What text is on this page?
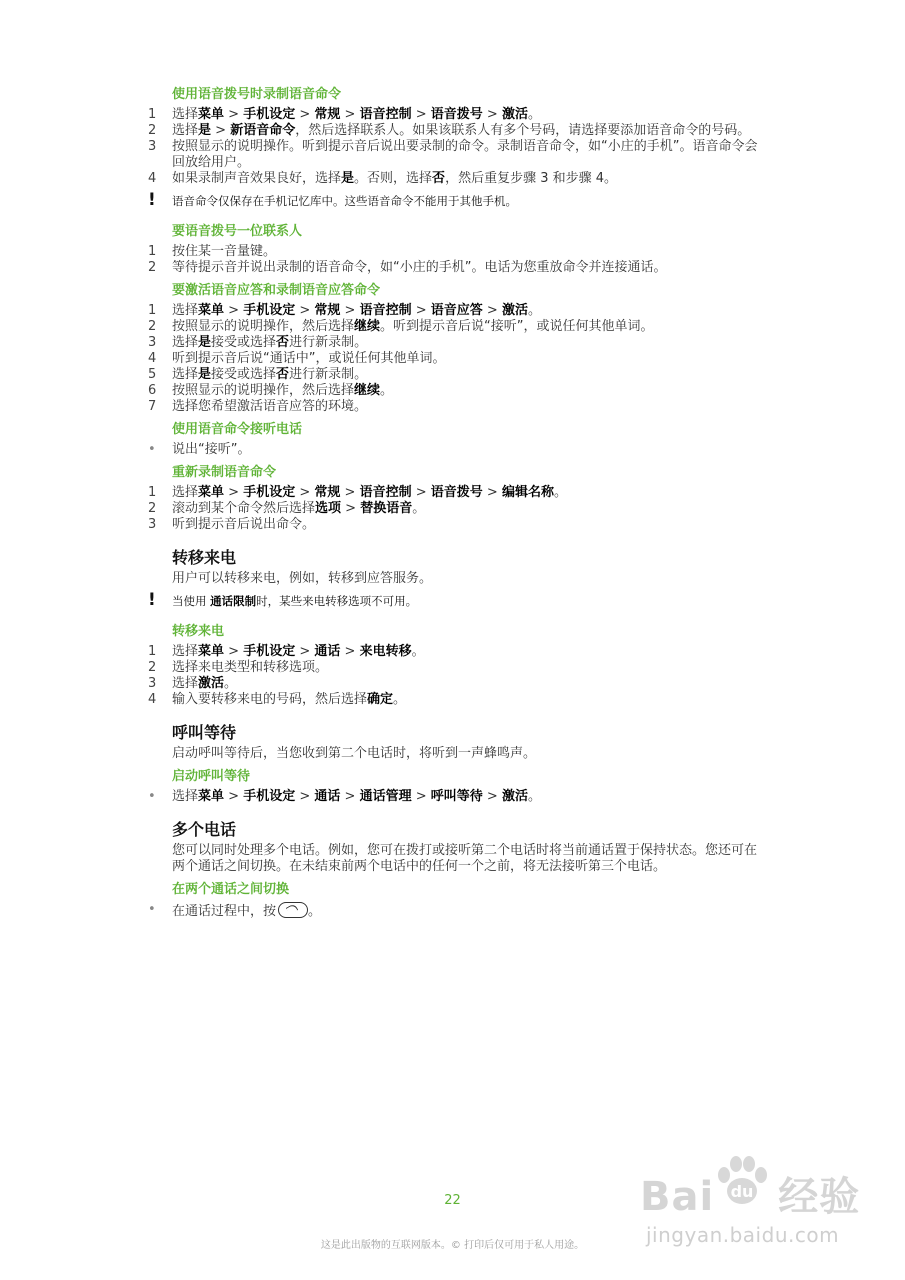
使用语音拨号时录制语音命令
1	选择菜单 > 手机设定 > 常规 > 语音控制 > 语音拨号 > 激活。
2	选择是 > 新语音命令，然后选择联系人。如果该联系人有多个号码，请选择要添加语音命令的号码。
3	按照显示的说明操作。听到提示音后说出要录制的命令。录制语音命令，如“小庄的手机”。语音命令会回放给用户。
4	如果录制声音效果良好，选择是。否则，选择否，然后重复步骤 3 和步骤 4。
!	语音命令仅保存在手机记忆库中。这些语音命令不能用于其他手机。
要语音拨号一位联系人
1	按住某一音量键。
2	等待提示音并说出录制的语音命令，如“小庄的手机”。电话为您重放命令并连接通话。
要激活语音应答和录制语音应答命令
1	选择菜单 > 手机设定 > 常规 > 语音控制 > 语音应答 > 激活。
2	按照显示的说明操作，然后选择继续。听到提示音后说“接听”，或说任何其他单词。
3	选择是接受或选择否进行新录制。
4	听到提示音后说“通话中”，或说任何其他单词。
5	选择是接受或选择否进行新录制。
6	按照显示的说明操作，然后选择继续。
7	选择您希望激活语音应答的环境。
使用语音命令接听电话
•	说出“接听”。
重新录制语音命令
1	选择菜单 > 手机设定 > 常规 > 语音控制 > 语音拨号 > 编辑名称。
2	滚动到某个命令然后选择选项 > 替换语音。
3	听到提示音后说出命令。
转移来电
用户可以转移来电，例如，转移到应答服务。
!	当使用 通话限制时，某些来电转移选项不可用。
转移来电
1	选择菜单 > 手机设定 > 通话 > 来电转移。
2	选择来电类型和转移选项。
3	选择激活。
4	输入要转移来电的号码，然后选择确定。
呼叫等待
启动呼叫等待后，当您收到第二个电话时，将听到一声蜂鸣声。
启动呼叫等待
•	选择菜单 > 手机设定 > 通话 > 通话管理 > 呼叫等待 > 激活。
多个电话
您可以同时处理多个电话。例如，您可在拨打或接听第二个电话时将当前通话置于保持状态。您还可在两个通话之间切换。在未结束前两个电话中的任何一个之前，将无法接听第三个电话。
在两个通话之间切换
•	在通话过程中，按 。
22
这是此出版物的互联网版本。© 打印后仅可用于私人用途。
Bai 经验
du
jingyan.baidu.com
